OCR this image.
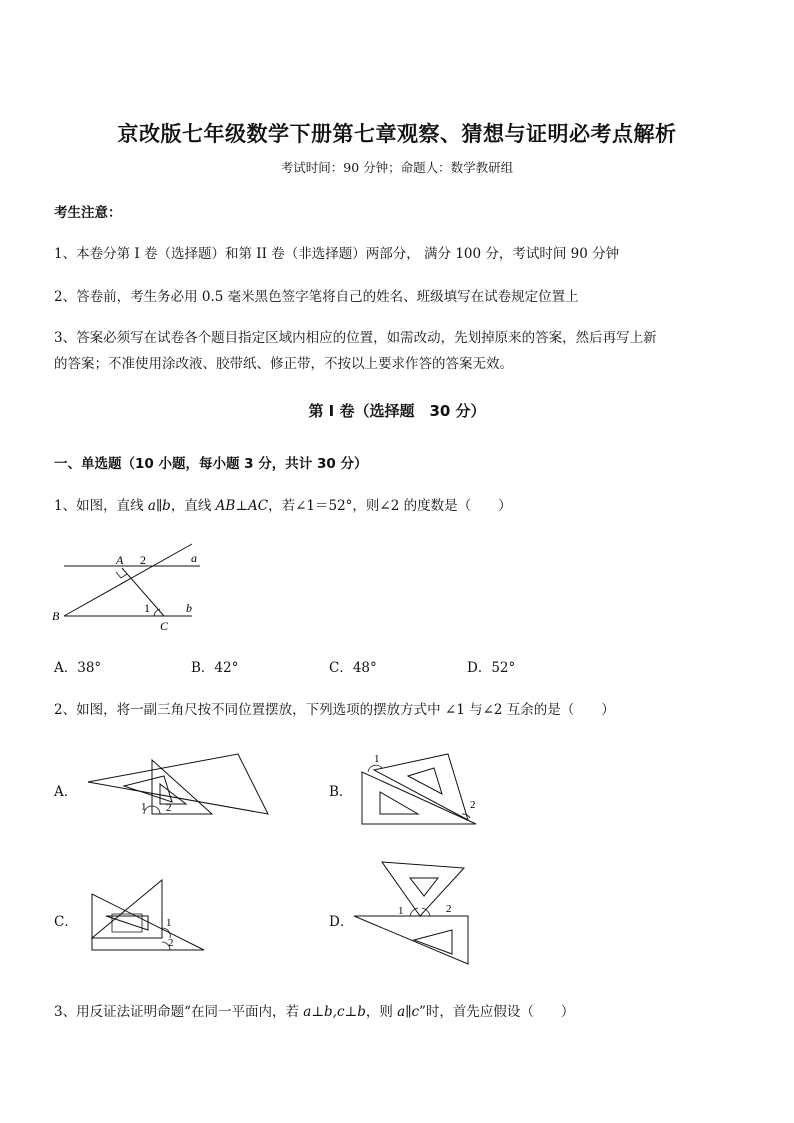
京改版七年级数学下册第七章观察、猜想与证明必考点解析
考试时间：90 分钟；命题人：数学教研组
考生注意：
1、本卷分第 I 卷（选择题）和第 II 卷（非选择题）两部分， 满分 100 分，考试时间 90 分钟
2、答卷前，考生务必用 0.5 毫米黑色签字笔将自己的姓名、班级填写在试卷规定位置上
3、答案必须写在试卷各个题目指定区域内相应的位置，如需改动，先划掉原来的答案，然后再写上新
的答案；不准使用涂改液、胶带纸、修正带，不按以上要求作答的答案无效。
第 I 卷（选择题　30 分）
一、单选题（10 小题，每小题 3 分，共计 30 分）
1、如图，直线 a∥b，直线 AB⊥AC，若∠1＝52°，则∠2 的度数是（　　）
A
B
C
a
b
1
2
A．38°	B．42°	C．48°	D．52°
2、如图，将一副三角尺按不同位置摆放，下列选项的摆放方式中 ∠1 与∠2 互余的是（　　）
A．
1 2
B．
1
2
C．	1
2
D．
1	2
3、用反证法证明命题“在同一平面内，若 a⊥b,c⊥b，则 a∥c”时，首先应假设（　　）
